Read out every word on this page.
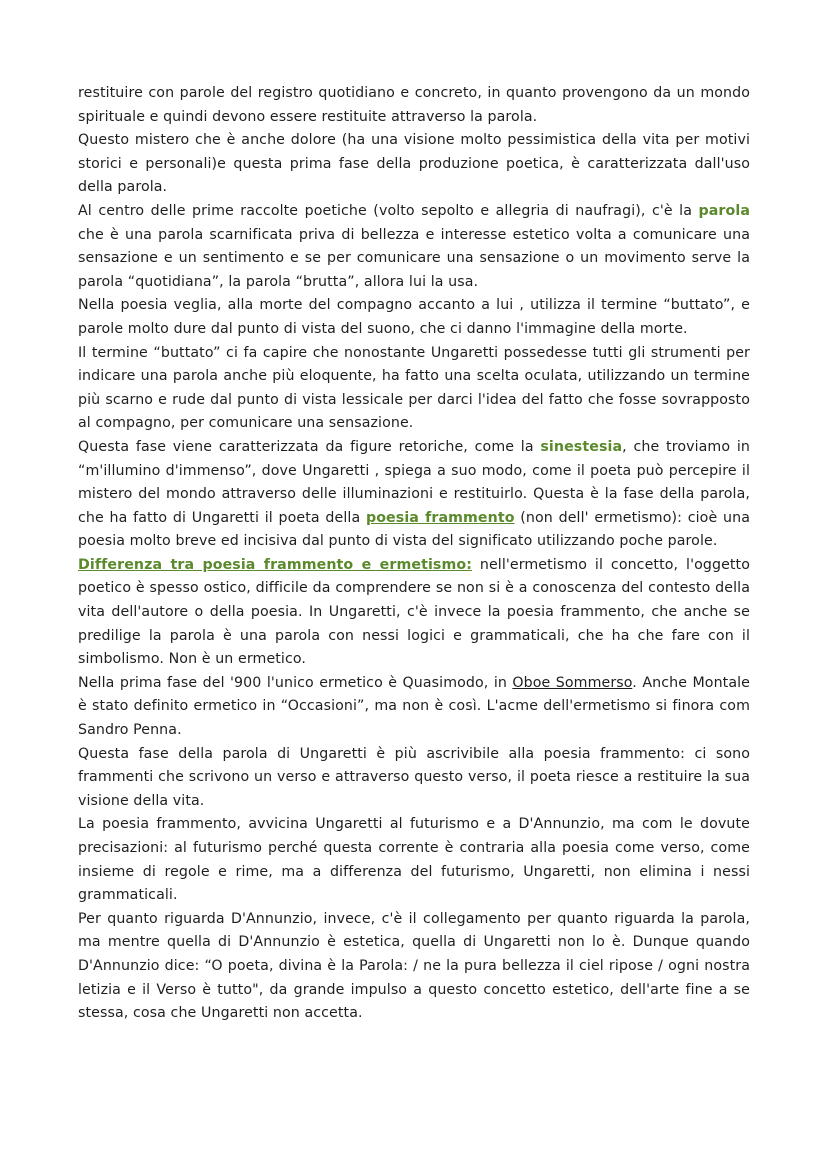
restituire con parole del registro quotidiano e concreto, in quanto provengono da un mondo spirituale e quindi devono essere restituite attraverso la parola.

Questo mistero che è anche dolore (ha una visione molto pessimistica della vita per motivi storici e personali)e questa prima fase della produzione poetica, è caratterizzata dall'uso della parola.

Al centro delle prime raccolte poetiche (volto sepolto e allegria di naufragi), c'è la parola che è una parola scarnificata priva di bellezza e interesse estetico volta a comunicare una sensazione e un sentimento e se per comunicare una sensazione o un movimento serve la parola “quotidiana”, la parola “brutta”, allora lui la usa.

Nella poesia veglia, alla morte del compagno accanto a lui , utilizza il termine “buttato”, e parole molto dure dal punto di vista del suono, che ci danno l'immagine della morte.

Il termine “buttato” ci fa capire che nonostante Ungaretti possedesse tutti gli strumenti per indicare una parola anche più eloquente, ha fatto una scelta oculata, utilizzando un termine più scarno e rude dal punto di vista lessicale per darci l'idea del fatto che fosse sovrapposto al compagno, per comunicare una sensazione.

Questa fase viene caratterizzata da figure retoriche, come la sinestesia, che troviamo in “m'illumino d'immenso”, dove Ungaretti , spiega a suo modo, come il poeta può percepire il mistero del mondo attraverso delle illuminazioni e restituirlo. Questa è la fase della parola, che ha fatto di Ungaretti il poeta della poesia frammento (non dell' ermetismo): cioè una poesia molto breve ed incisiva dal punto di vista del significato utilizzando poche parole.

Differenza tra poesia frammento e ermetismo: nell'ermetismo il concetto, l'oggetto poetico è spesso ostico, difficile da comprendere se non si è a conoscenza del contesto della vita dell'autore o della poesia. In Ungaretti, c'è invece la poesia frammento, che anche se predilige la parola è una parola con nessi logici e grammaticali, che ha che fare con il simbolismo. Non è un ermetico.

Nella prima fase del '900 l'unico ermetico è Quasimodo, in Oboe Sommerso. Anche Montale è stato definito ermetico in “Occasioni”, ma non è così. L'acme dell'ermetismo si finora com Sandro Penna.

Questa fase della parola di Ungaretti è più ascrivibile alla poesia frammento: ci sono frammenti che scrivono un verso e attraverso questo verso, il poeta riesce a restituire la sua visione della vita.

La poesia frammento, avvicina Ungaretti al futurismo e a D'Annunzio, ma com le dovute precisazioni: al futurismo perché questa corrente è contraria alla poesia come verso, come insieme di regole e rime, ma a differenza del futurismo, Ungaretti, non elimina i nessi grammaticali.

Per quanto riguarda D'Annunzio, invece, c'è il collegamento per quanto riguarda la parola, ma mentre quella di D'Annunzio è estetica, quella di Ungaretti non lo è. Dunque quando D'Annunzio dice: “O poeta, divina è la Parola: / ne la pura bellezza il ciel ripose / ogni nostra letizia e il Verso è tutto", da grande impulso a questo concetto estetico, dell'arte fine a se stessa, cosa che Ungaretti non accetta.
